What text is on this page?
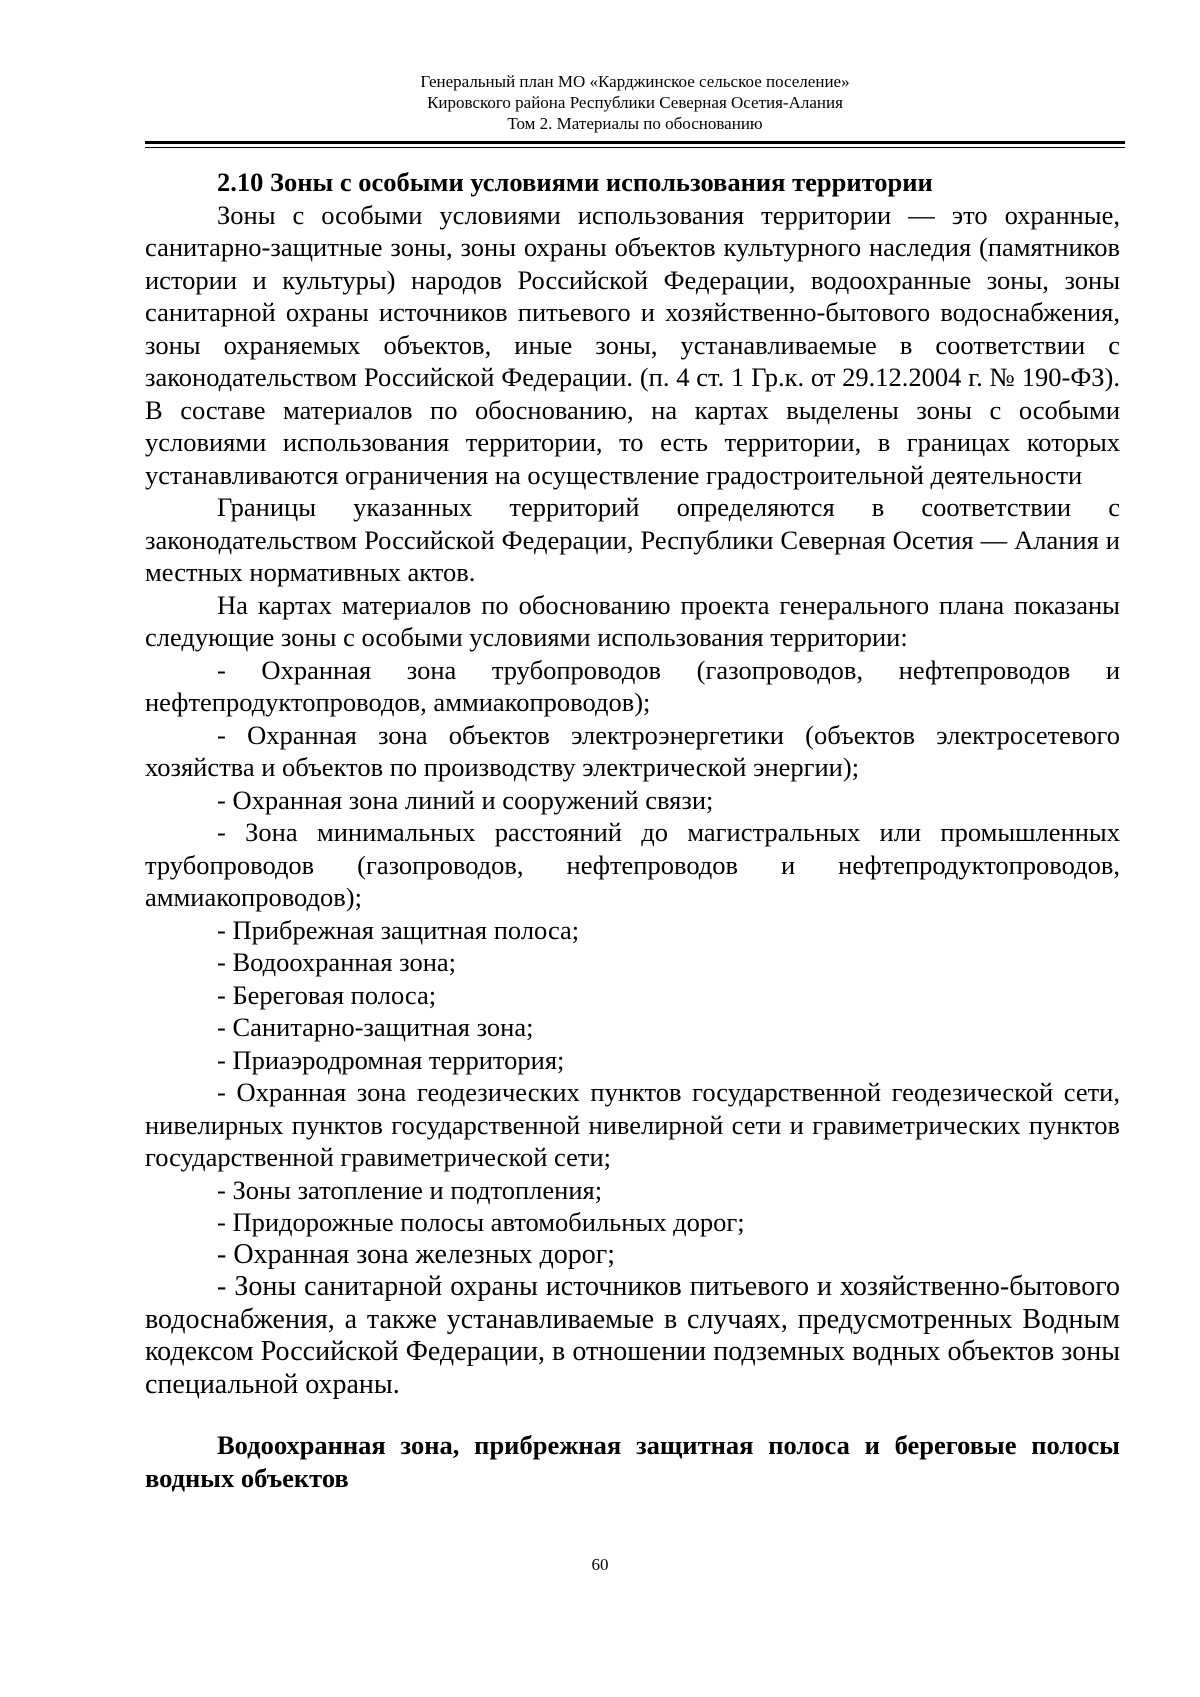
Генеральный план МО «Карджинское сельское поселение»
Кировского района Республики Северная Осетия-Алания
Том 2. Материалы по обоснованию
2.10 Зоны с особыми условиями использования территории

Зоны с особыми условиями использования территории — это охранные, санитарно-защитные зоны, зоны охраны объектов культурного наследия (памятников истории и культуры) народов Российской Федерации, водоохранные зоны, зоны санитарной охраны источников питьевого и хозяйственно-бытового водоснабжения, зоны охраняемых объектов, иные зоны, устанавливаемые в соответствии с законодательством Российской Федерации. (п. 4 ст. 1 Гр.к. от 29.12.2004 г. № 190-ФЗ). В составе материалов по обоснованию, на картах выделены зоны с особыми условиями использования территории, то есть территории, в границах которых устанавливаются ограничения на осуществление градостроительной деятельности

Границы указанных территорий определяются в соответствии с законодательством Российской Федерации, Республики Северная Осетия — Алания и местных нормативных актов.

На картах материалов по обоснованию проекта генерального плана показаны следующие зоны с особыми условиями использования территории:

- Охранная зона трубопроводов (газопроводов, нефтепроводов и нефтепродуктопроводов, аммиакопроводов);

- Охранная зона объектов электроэнергетики (объектов электросетевого хозяйства и объектов по производству электрической энергии);

- Охранная зона линий и сооружений связи;

- Зона минимальных расстояний до магистральных или промышленных трубопроводов (газопроводов, нефтепроводов и нефтепродуктопроводов, аммиакопроводов);

- Прибрежная защитная полоса;

- Водоохранная зона;

- Береговая полоса;

- Санитарно-защитная зона;

- Приаэродромная территория;

- Охранная зона геодезических пунктов государственной геодезической сети, нивелирных пунктов государственной нивелирной сети и гравиметрических пунктов государственной гравиметрической сети;

- Зоны затопление и подтопления;

- Придорожные полосы автомобильных дорог;

- Охранная зона железных дорог;

- Зоны санитарной охраны источников питьевого и хозяйственно-бытового водоснабжения, а также устанавливаемые в случаях, предусмотренных Водным кодексом Российской Федерации, в отношении подземных водных объектов зоны специальной охраны.

Водоохранная зона, прибрежная защитная полоса и береговые полосы водных объектов
60
